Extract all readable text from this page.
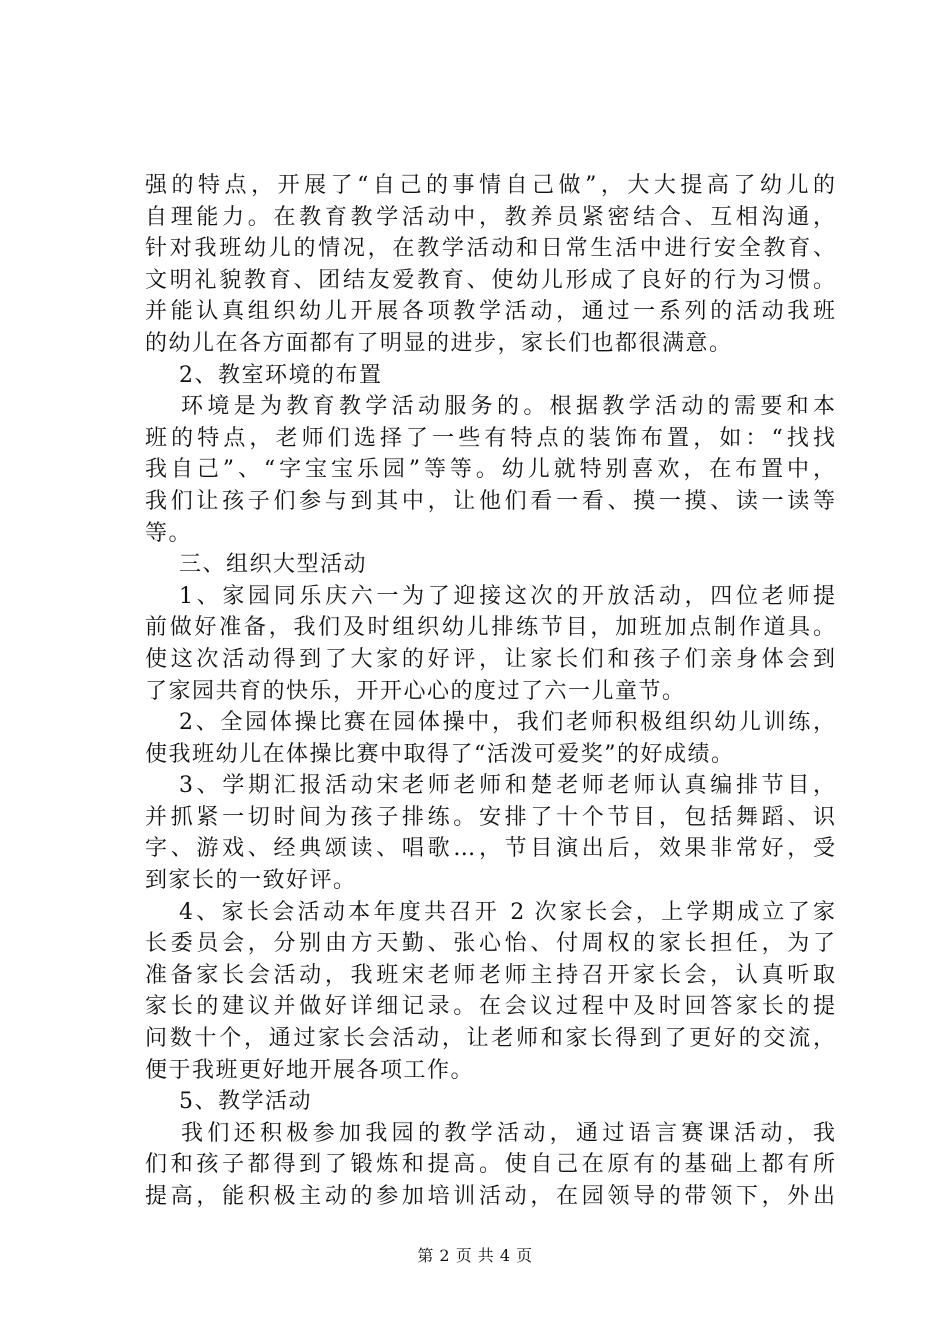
强的特点，开展了“自己的事情自己做”，大大提高了幼儿的
自理能力。在教育教学活动中，教养员紧密结合、互相沟通，
针对我班幼儿的情况，在教学活动和日常生活中进行安全教育、
文明礼貌教育、团结友爱教育、使幼儿形成了良好的行为习惯。
并能认真组织幼儿开展各项教学活动，通过一系列的活动我班
的幼儿在各方面都有了明显的进步，家长们也都很满意。
2、教室环境的布置
环境是为教育教学活动服务的。根据教学活动的需要和本
班的特点，老师们选择了一些有特点的装饰布置，如：“找找
我自己”、“字宝宝乐园”等等。幼儿就特别喜欢，在布置中，
我们让孩子们参与到其中，让他们看一看、摸一摸、读一读等
等。
三、组织大型活动
1、家园同乐庆六一为了迎接这次的开放活动，四位老师提
前做好准备，我们及时组织幼儿排练节目，加班加点制作道具。
使这次活动得到了大家的好评，让家长们和孩子们亲身体会到
了家园共育的快乐，开开心心的度过了六一儿童节。
2、全园体操比赛在园体操中，我们老师积极组织幼儿训练，
使我班幼儿在体操比赛中取得了“活泼可爱奖”的好成绩。
3、学期汇报活动宋老师老师和楚老师老师认真编排节目，
并抓紧一切时间为孩子排练。安排了十个节目，包括舞蹈、识
字、游戏、经典颂读、唱歌…，节目演出后，效果非常好，受
到家长的一致好评。
4、家长会活动本年度共召开 2 次家长会，上学期成立了家
长委员会，分别由方天勤、张心怡、付周权的家长担任，为了
准备家长会活动，我班宋老师老师主持召开家长会，认真听取
家长的建议并做好详细记录。在会议过程中及时回答家长的提
问数十个，通过家长会活动，让老师和家长得到了更好的交流，
便于我班更好地开展各项工作。
5、教学活动
我们还积极参加我园的教学活动，通过语言赛课活动，我
们和孩子都得到了锻炼和提高。使自己在原有的基础上都有所
提高，能积极主动的参加培训活动，在园领导的带领下，外出
第 2 页 共 4 页
